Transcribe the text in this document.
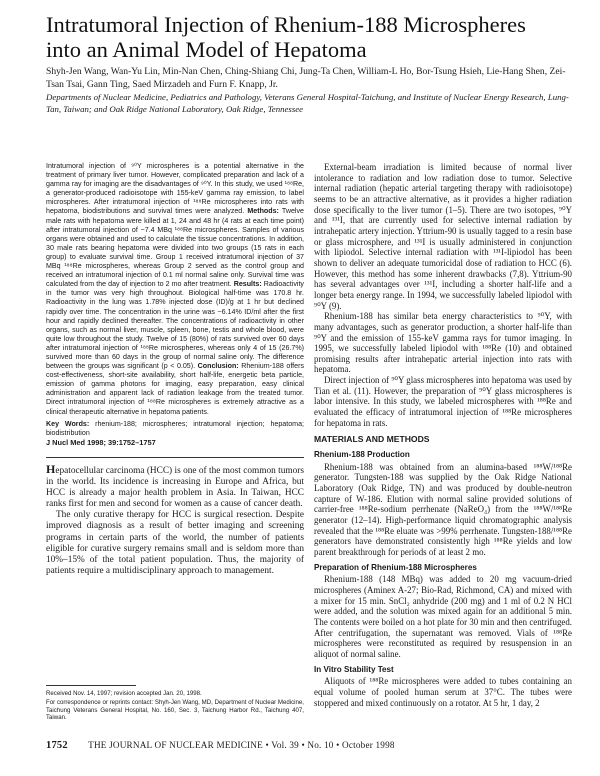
Intratumoral Injection of Rhenium-188 Microspheres into an Animal Model of Hepatoma
Shyh-Jen Wang, Wan-Yu Lin, Min-Nan Chen, Ching-Shiang Chi, Jung-Ta Chen, William-L Ho, Bor-Tsung Hsieh, Lie-Hang Shen, Zei-Tsan Tsai, Gann Ting, Saed Mirzadeh and Furn F. Knapp, Jr.
Departments of Nuclear Medicine, Pediatrics and Pathology, Veterans General Hospital-Taichung, and Institute of Nuclear Energy Research, Lung-Tan, Taiwan; and Oak Ridge National Laboratory, Oak Ridge, Tennessee

Intratumoral injection of ⁹⁰Y microspheres is a potential alternative in the treatment of primary liver tumor. However, complicated preparation and lack of a gamma ray for imaging are the disadvantages of ⁹⁰Y. In this study, we used ¹⁸⁸Re, a generator-produced radioisotope with 155-keV gamma ray emission, to label microspheres. After intratumoral injection of ¹⁸⁸Re microspheres into rats with hepatoma, biodistributions and survival times were analyzed. Methods: Twelve male rats with hepatoma were killed at 1, 24 and 48 hr (4 rats at each time point) after intratumoral injection of ~7.4 MBq ¹⁸⁸Re microspheres. Samples of various organs were obtained and used to calculate the tissue concentrations. In addition, 30 male rats bearing hepatoma were divided into two groups (15 rats in each group) to evaluate survival time. Group 1 received intratumoral injection of 37 MBq ¹⁸⁸Re microspheres, whereas Group 2 served as the control group and received an intratumoral injection of 0.1 ml normal saline only. Survival time was calculated from the day of injection to 2 mo after treatment. Results: Radioactivity in the tumor was very high throughout. Biological half-time was 170.8 hr. Radioactivity in the lung was 1.78% injected dose (ID)/g at 1 hr but declined rapidly over time. The concentration in the urine was ~6.14% ID/ml after the first hour and rapidly declined thereafter. The concentrations of radioactivity in other organs, such as normal liver, muscle, spleen, bone, testis and whole blood, were quite low throughout the study. Twelve of 15 (80%) of rats survived over 60 days after intratumoral injection of ¹⁸⁸Re microspheres, whereas only 4 of 15 (26.7%) survived more than 60 days in the group of normal saline only. The difference between the groups was significant (p < 0.05). Conclusion: Rhenium-188 offers cost-effectiveness, short-site availability, short half-life, energetic beta particle, emission of gamma photons for imaging, easy preparation, easy clinical administration and apparent lack of radiation leakage from the treated tumor. Direct intratumoral injection of ¹⁸⁸Re microspheres is extremely attractive as a clinical therapeutic alternative in hepatoma patients.

Key Words: rhenium-188; microspheres; intratumoral injection; hepatoma; biodistribution

J Nucl Med 1998; 39:1752–1757

Hepatocellular carcinoma (HCC) is one of the most common tumors in the world. Its incidence is increasing in Europe and Africa, but HCC is already a major health problem in Asia. In Taiwan, HCC ranks first for men and second for women as a cause of cancer death.

The only curative therapy for HCC is surgical resection. Despite improved diagnosis as a result of better imaging and screening programs in certain parts of the world, the number of patients eligible for curative surgery remains small and is seldom more than 10%–15% of the total patient population. Thus, the majority of patients require a multidisciplinary approach to management.

Received Nov. 14, 1997; revision accepted Jan. 20, 1998.

For correspondence or reprints contact: Shyh-Jen Wang, MD, Department of Nuclear Medicine, Taichung Veterans General Hospital, No. 160, Sec. 3, Taichung Harbor Rd., Taichung 407, Taiwan.

External-beam irradiation is limited because of normal liver intolerance to radiation and low radiation dose to tumor. Selective internal radiation (hepatic arterial targeting therapy with radioisotope) seems to be an attractive alternative, as it provides a higher radiation dose specifically to the liver tumor (1–5). There are two isotopes, ⁹⁰Y and ¹³¹I, that are currently used for selective internal radiation by intrahepatic artery injection. Yttrium-90 is usually tagged to a resin base or glass microsphere, and ¹³¹I is usually administered in conjunction with lipiodol. Selective internal radiation with ¹³¹I-lipiodol has been shown to deliver an adequate tumoricidal dose of radiation to HCC (6). However, this method has some inherent drawbacks (7,8). Yttrium-90 has several advantages over ¹³¹I, including a shorter half-life and a longer beta energy range. In 1994, we successfully labeled lipiodol with ⁹⁰Y (9).

Rhenium-188 has similar beta energy characteristics to ⁹⁰Y, with many advantages, such as generator production, a shorter half-life than ⁹⁰Y and the emission of 155-keV gamma rays for tumor imaging. In 1995, we successfully labeled lipiodol with ¹⁸⁸Re (10) and obtained promising results after intrahepatic arterial injection into rats with hepatoma.

Direct injection of ⁹⁰Y glass microspheres into hepatoma was used by Tian et al. (11). However, the preparation of ⁹⁰Y glass microspheres is labor intensive. In this study, we labeled microspheres with ¹⁸⁸Re and evaluated the efficacy of intratumoral injection of ¹⁸⁸Re microspheres for hepatoma in rats.

MATERIALS AND METHODS
Rhenium-188 Production

Rhenium-188 was obtained from an alumina-based ¹⁸⁸W/¹⁸⁸Re generator. Tungsten-188 was supplied by the Oak Ridge National Laboratory (Oak Ridge, TN) and was produced by double-neutron capture of W-186. Elution with normal saline provided solutions of carrier-free ¹⁸⁸Re-sodium perrhenate (NaReO₄) from the ¹⁸⁸W/¹⁸⁸Re generator (12–14). High-performance liquid chromatographic analysis revealed that the ¹⁸⁸Re eluate was >99% perrhenate. Tungsten-188/¹⁸⁸Re generators have demonstrated consistently high ¹⁸⁸Re yields and low parent breakthrough for periods of at least 2 mo.

Preparation of Rhenium-188 Microspheres

Rhenium-188 (148 MBq) was added to 20 mg vacuum-dried microspheres (Aminex A-27; Bio-Rad, Richmond, CA) and mixed with a mixer for 15 min. SnCl₂ anhydride (200 mg) and 1 ml of 0.2 N HCl were added, and the solution was mixed again for an additional 5 min. The contents were boiled on a hot plate for 30 min and then centrifuged. After centrifugation, the supernatant was removed. Vials of ¹⁸⁸Re microspheres were reconstituted as required by resuspension in an aliquot of normal saline.

In Vitro Stability Test

Aliquots of ¹⁸⁸Re microspheres were added to tubes containing an equal volume of pooled human serum at 37°C. The tubes were stoppered and mixed continuously on a rotator. At 5 hr, 1 day, 2

1752 THE JOURNAL OF NUCLEAR MEDICINE • Vol. 39 • No. 10 • October 1998
